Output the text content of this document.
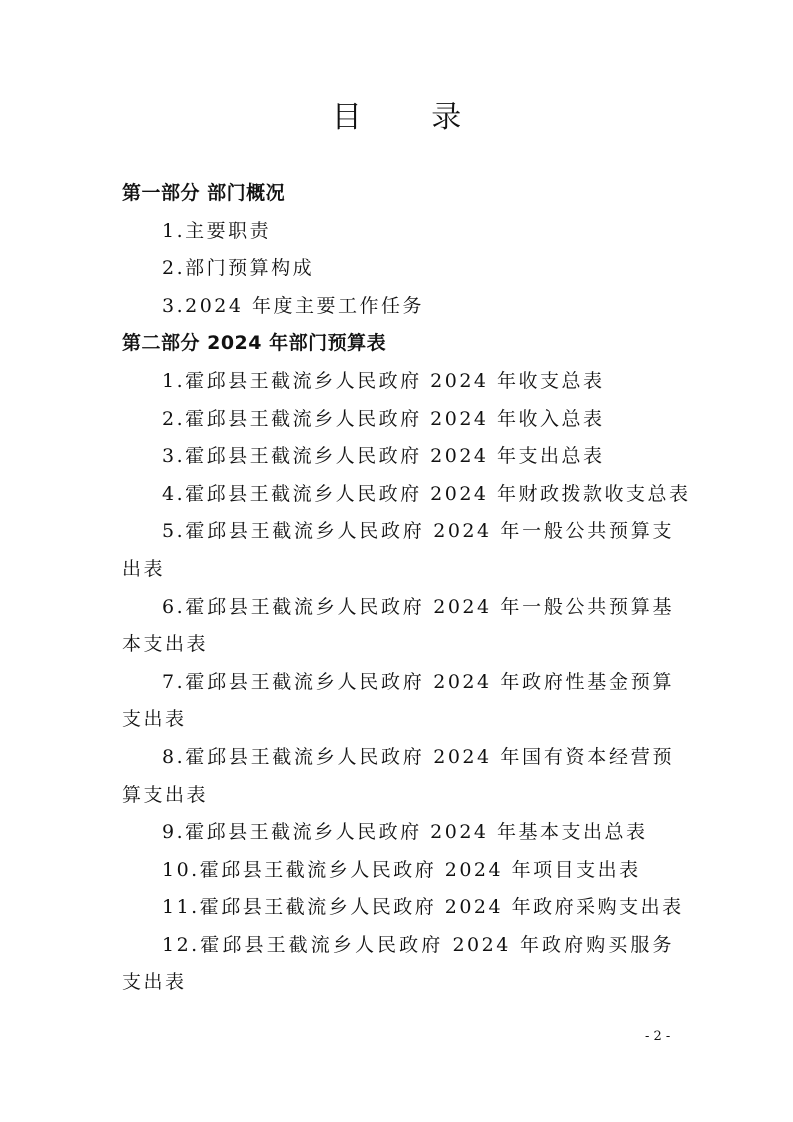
目 录
第一部分 部门概况
1.主要职责
2.部门预算构成
3.2024 年度主要工作任务
第二部分 2024 年部门预算表
1.霍邱县王截流乡人民政府 2024 年收支总表
2.霍邱县王截流乡人民政府 2024 年收入总表
3.霍邱县王截流乡人民政府 2024 年支出总表
4.霍邱县王截流乡人民政府 2024 年财政拨款收支总表
5.霍邱县王截流乡人民政府 2024 年一般公共预算支出表
6.霍邱县王截流乡人民政府 2024 年一般公共预算基本支出表
7.霍邱县王截流乡人民政府 2024 年政府性基金预算支出表
8.霍邱县王截流乡人民政府 2024 年国有资本经营预算支出表
9.霍邱县王截流乡人民政府 2024 年基本支出总表
10.霍邱县王截流乡人民政府 2024 年项目支出表
11.霍邱县王截流乡人民政府 2024 年政府采购支出表
12.霍邱县王截流乡人民政府 2024 年政府购买服务支出表
- 2 -
